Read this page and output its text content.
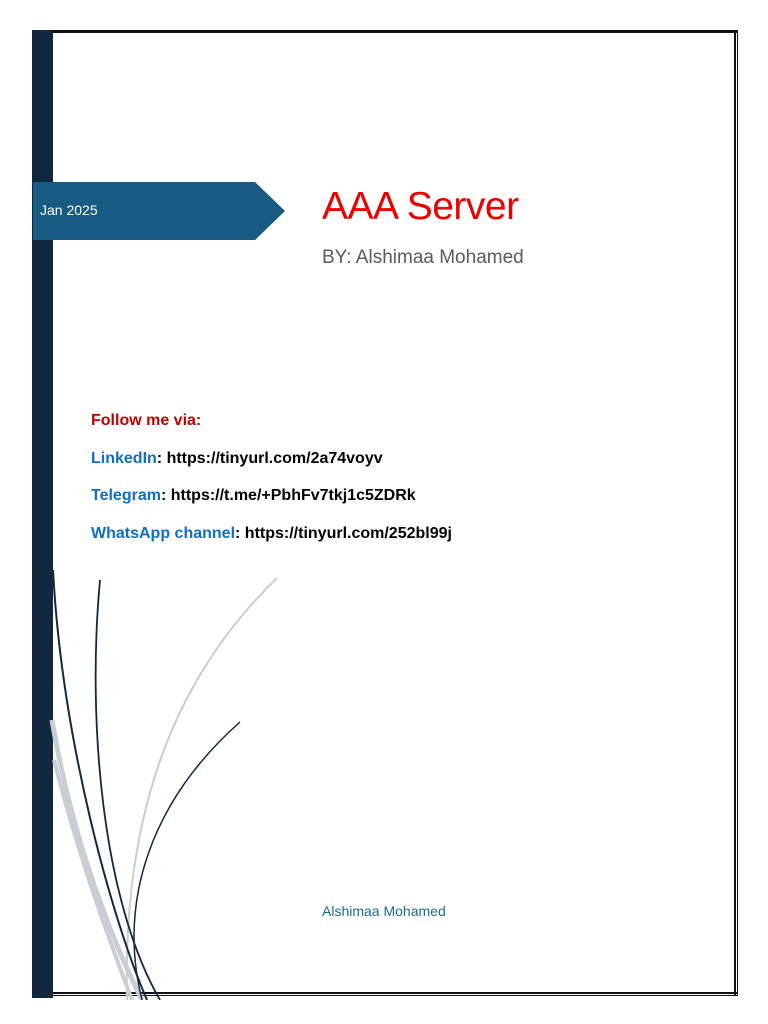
Jan 2025	AAA Server
BY: Alshimaa Mohamed
Follow me via:
LinkedIn: https://tinyurl.com/2a74voyv
Telegram: https://t.me/+PbhFv7tkj1c5ZDRk
WhatsApp channel: https://tinyurl.com/252bl99j
Alshimaa Mohamed
